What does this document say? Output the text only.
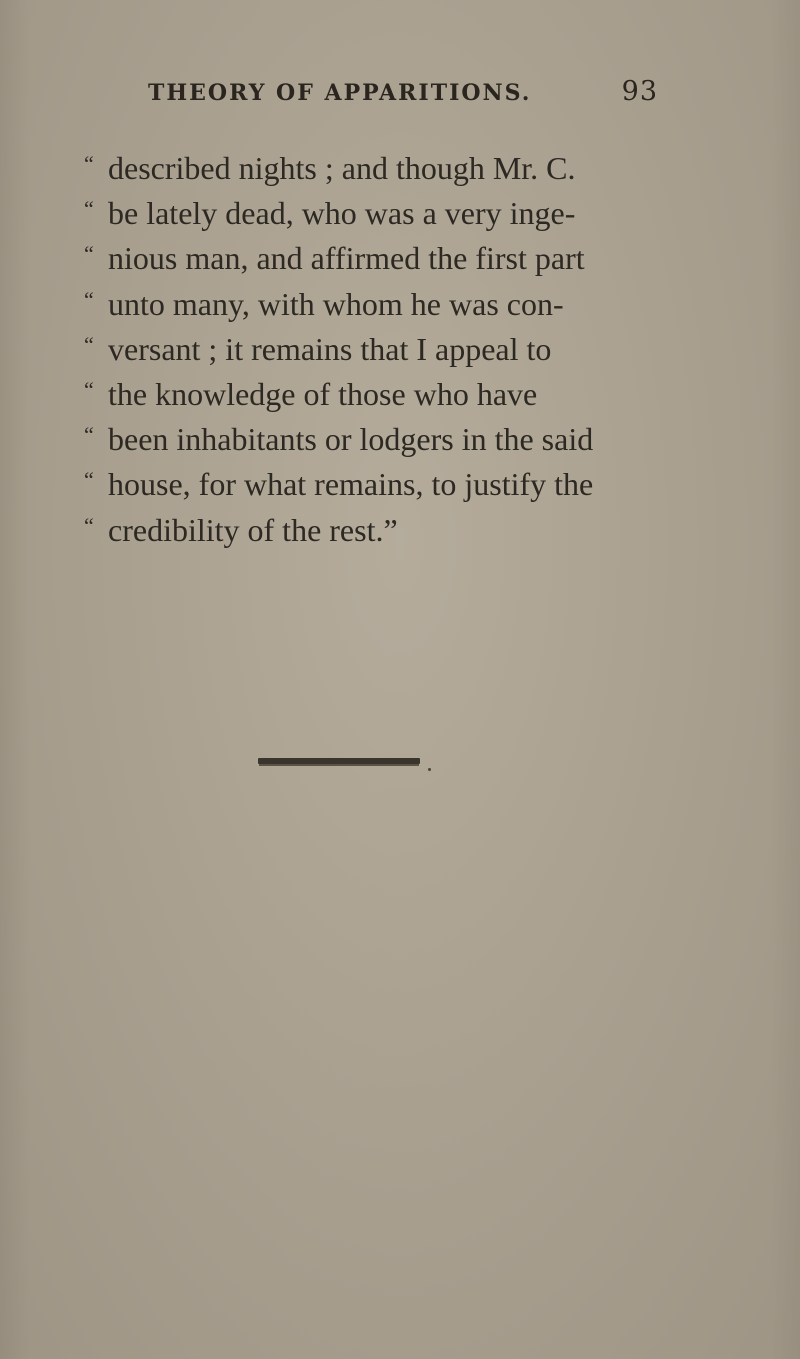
THEORY OF APPARITIONS.	93
“ described nights ; and though Mr. C.
“ be lately dead, who was a very inge-
“ nious man, and affirmed the first part
“ unto many, with whom he was con-
“ versant ; it remains that I appeal to
“ the knowledge of those who have
“ been inhabitants or lodgers in the said
“ house, for what remains, to justify the
“ credibility of the rest.”
